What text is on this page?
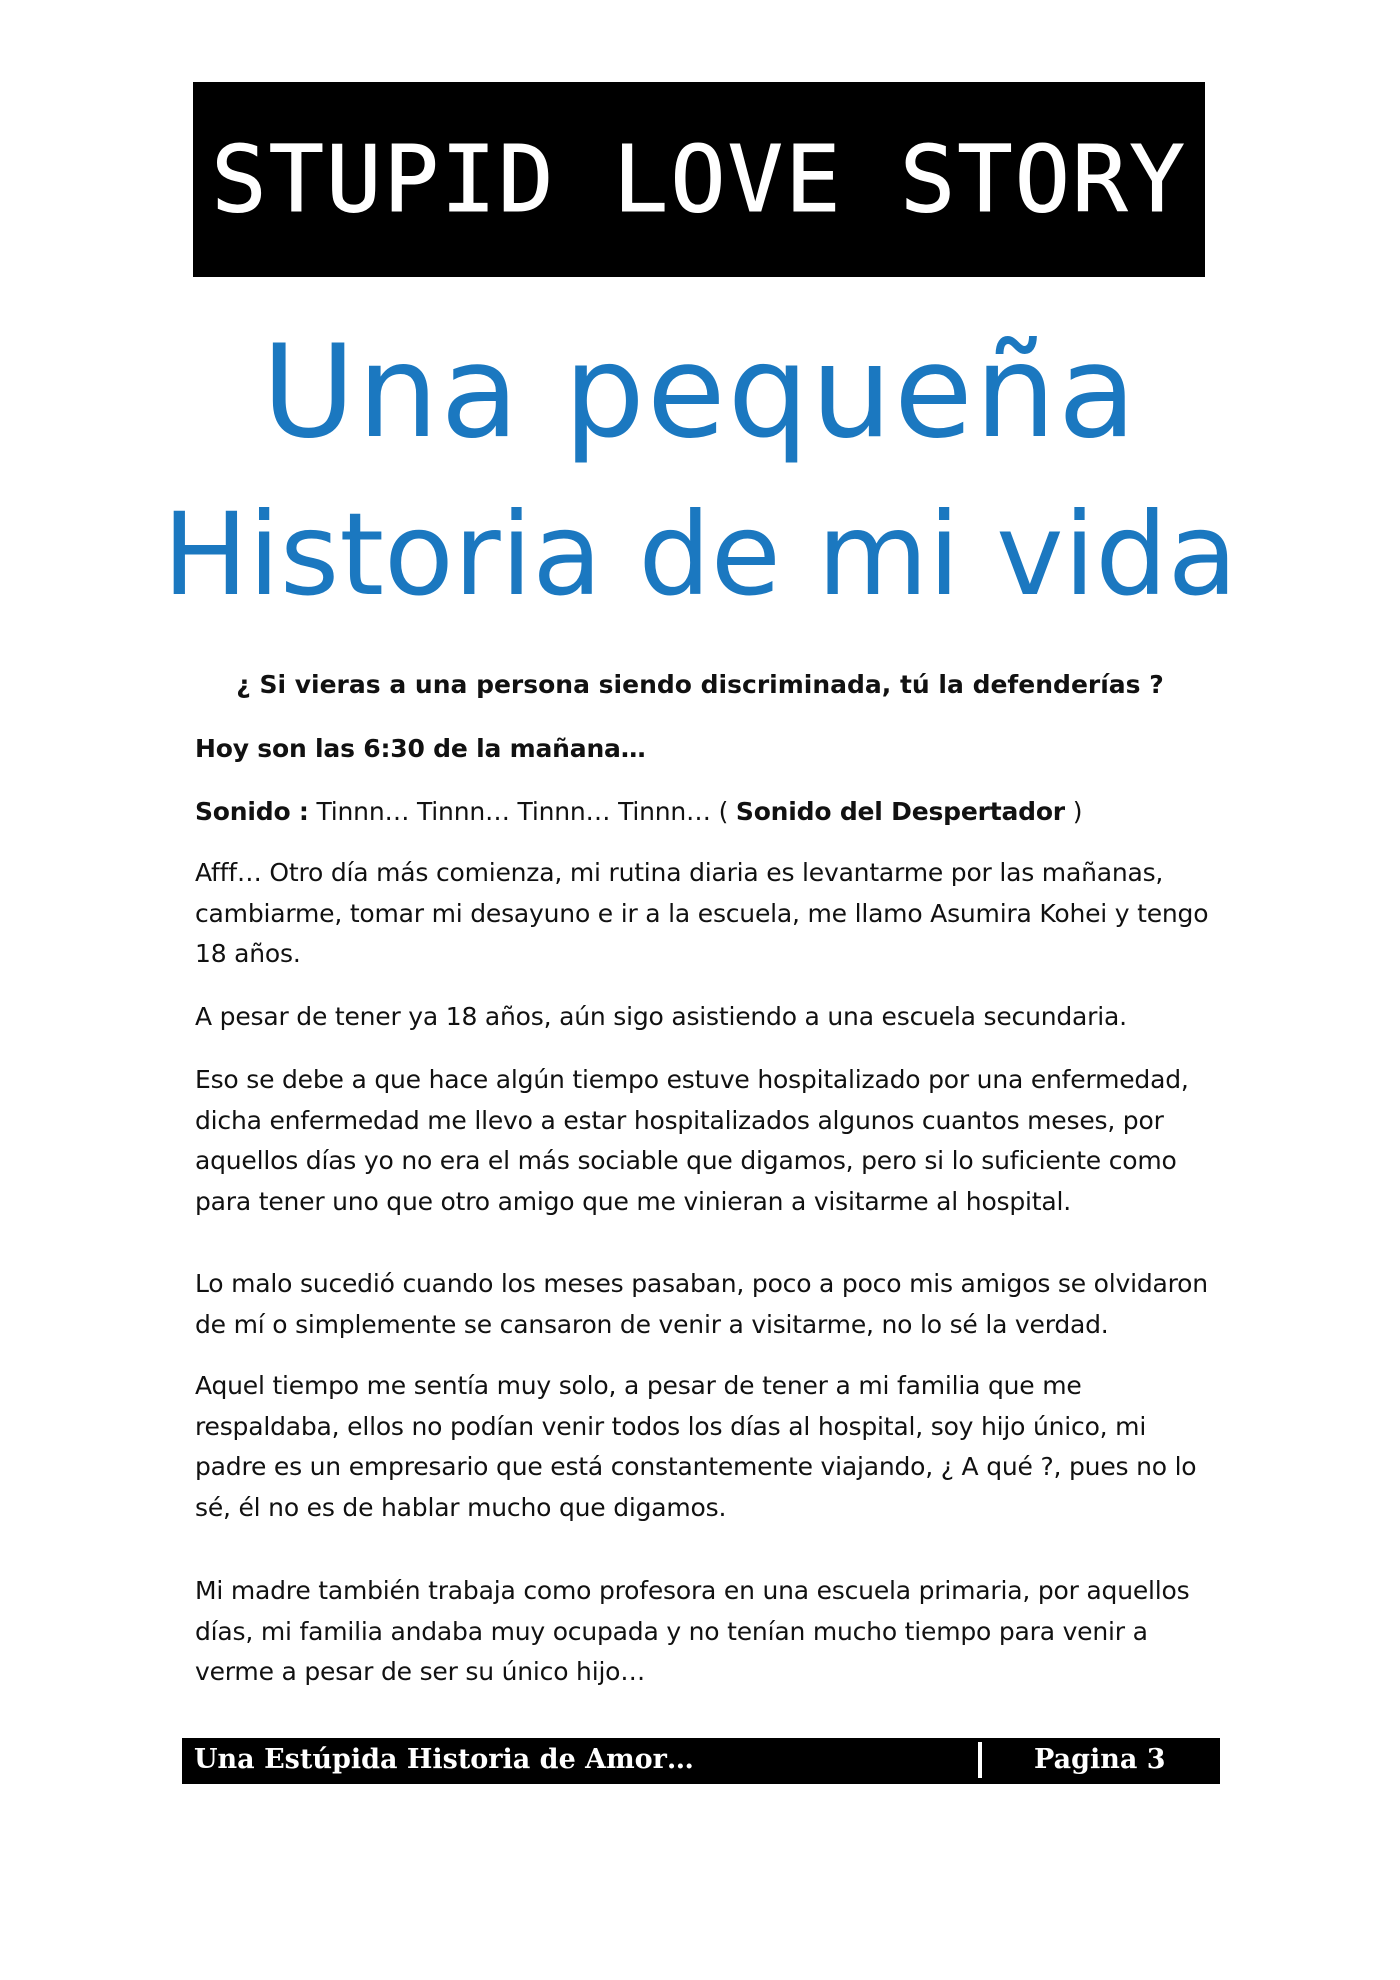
STUPID LOVE STORY
Una pequeña
Historia de mi vida
¿ Si vieras a una persona siendo discriminada, tú la defenderías ?

Hoy son las 6:30 de la mañana…

Sonido : Tinnn… Tinnn… Tinnn… Tinnn… ( Sonido del Despertador )

Afff… Otro día más comienza, mi rutina diaria es levantarme por las mañanas, cambiarme, tomar mi desayuno e ir a la escuela, me llamo Asumira Kohei y tengo 18 años.

A pesar de tener ya 18 años, aún sigo asistiendo a una escuela secundaria.

Eso se debe a que hace algún tiempo estuve hospitalizado por una enfermedad, dicha enfermedad me llevo a estar hospitalizados algunos cuantos meses, por aquellos días yo no era el más sociable que digamos, pero si lo suficiente como para tener uno que otro amigo que me vinieran a visitarme al hospital.

Lo malo sucedió cuando los meses pasaban, poco a poco mis amigos se olvidaron de mí o simplemente se cansaron de venir a visitarme, no lo sé la verdad.

Aquel tiempo me sentía muy solo, a pesar de tener a mi familia que me respaldaba, ellos no podían venir todos los días al hospital, soy hijo único, mi padre es un empresario que está constantemente viajando, ¿ A qué ?, pues no lo sé, él no es de hablar mucho que digamos.

Mi madre también trabaja como profesora en una escuela primaria, por aquellos días, mi familia andaba muy ocupada y no tenían mucho tiempo para venir a verme a pesar de ser su único hijo…

Una Estúpida Historia de Amor…	Pagina 3
